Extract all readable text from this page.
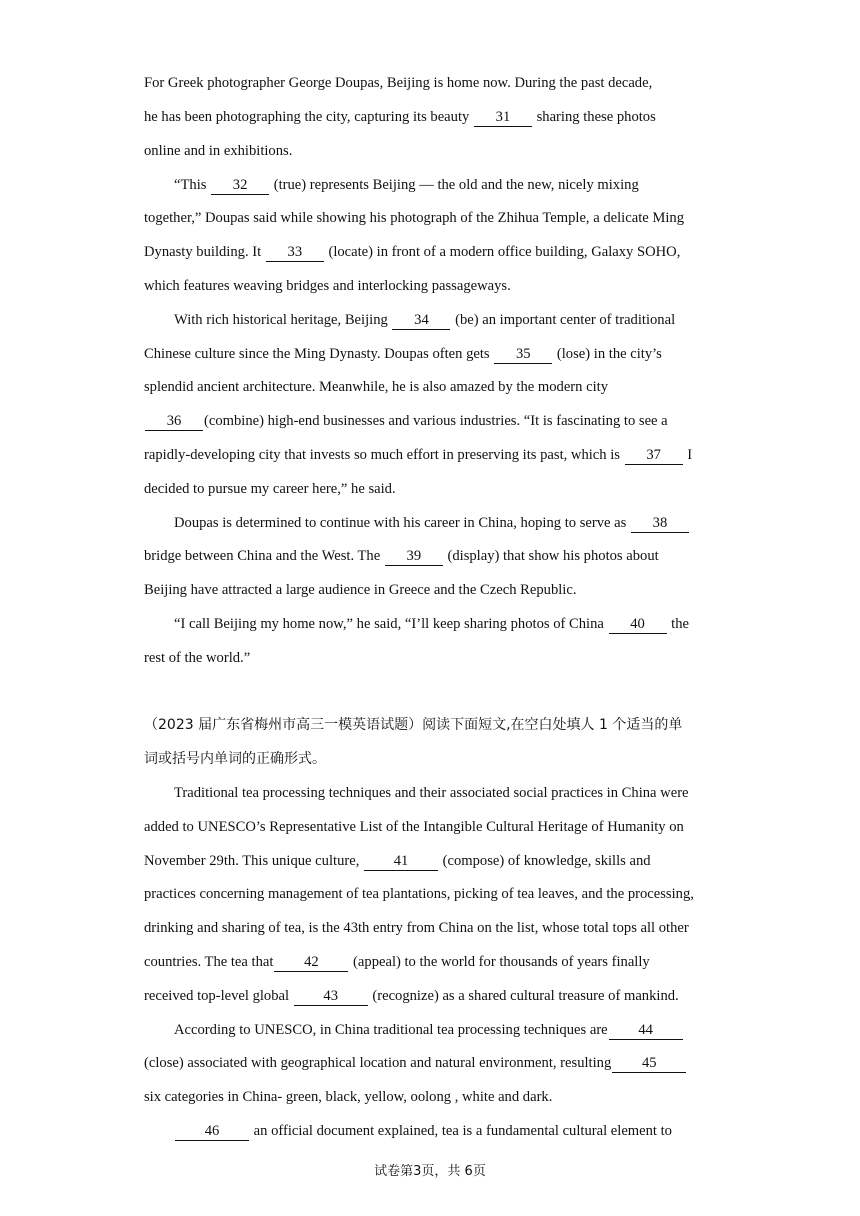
For Greek photographer George Doupas, Beijing is home now. During the past decade,
he has been photographing the city, capturing its beauty 31 sharing these photos
online and in exhibitions.
“This 32 (true) represents Beijing — the old and the new, nicely mixing
together,” Doupas said while showing his photograph of the Zhihua Temple, a delicate Ming
Dynasty building. It 33 (locate) in front of a modern office building, Galaxy SOHO,
which features weaving bridges and interlocking passageways.
With rich historical heritage, Beijing 34 (be) an important center of traditional
Chinese culture since the Ming Dynasty. Doupas often gets 35 (lose) in the city’s
splendid ancient architecture. Meanwhile, he is also amazed by the modern city
36 (combine) high-end businesses and various industries. “It is fascinating to see a
rapidly-developing city that invests so much effort in preserving its past, which is 37 I
decided to pursue my career here,” he said.
Doupas is determined to continue with his career in China, hoping to serve as 38
bridge between China and the West. The 39 (display) that show his photos about
Beijing have attracted a large audience in Greece and the Czech Republic.
“I call Beijing my home now,” he said, “I’ll keep sharing photos of China 40 the
rest of the world.”
（2023 届广东省梅州市高三一模英语试题）阅读下面短文,在空白处填人 1 个适当的单
词或括号内单词的正确形式。
Traditional tea processing techniques and their associated social practices in China were
added to UNESCO’s Representative List of the Intangible Cultural Heritage of Humanity on
November 29th. This unique culture, 41 (compose) of knowledge, skills and
practices concerning management of tea plantations, picking of tea leaves, and the processing,
drinking and sharing of tea, is the 43th entry from China on the list, whose total tops all other
countries. The tea that 42 (appeal) to the world for thousands of years finally
received top-level global 43 (recognize) as a shared cultural treasure of mankind.
According to UNESCO, in China traditional tea processing techniques are 44
(close) associated with geographical location and natural environment, resulting 45
six categories in China- green, black, yellow, oolong , white and dark.
46 an official document explained, tea is a fundamental cultural element to
试卷第3页，共 6页
